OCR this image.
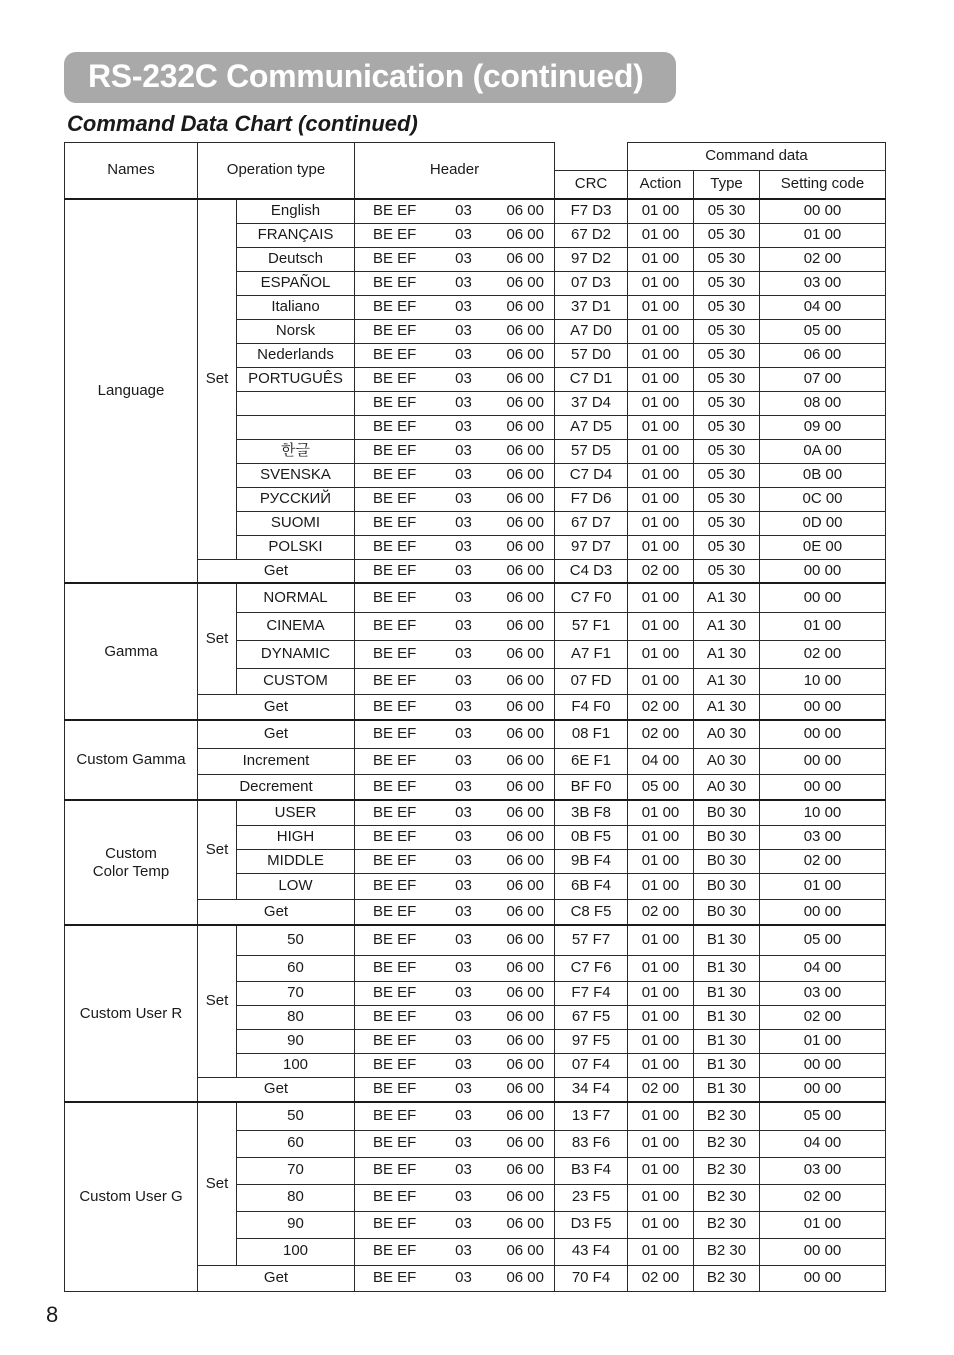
RS-232C Communication (continued)
Command Data Chart (continued)
Names	Operation type		Header		Command data		
				CRC	Action	Type	Setting code
Language	Set	English	BE EF 03 06 00	F7 D3	01 00	05 30	00 00
		FRANÇAIS	BE EF 03 06 00	67 D2	01 00	05 30	01 00
		Deutsch	BE EF 03 06 00	97 D2	01 00	05 30	02 00
		ESPAÑOL	BE EF 03 06 00	07 D3	01 00	05 30	03 00
		Italiano	BE EF 03 06 00	37 D1	01 00	05 30	04 00
		Norsk	BE EF 03 06 00	A7 D0	01 00	05 30	05 00
		Nederlands	BE EF 03 06 00	57 D0	01 00	05 30	06 00
		PORTUGUÊS	BE EF 03 06 00	C7 D1	01 00	05 30	07 00

			BE EF 03 06 00	37 D4	01 00	05 30	08 00

			BE EF 03 06 00	A7 D5	01 00	05 30	09 00
		한글	BE EF 03 06 00	57 D5	01 00	05 30	0A 00
		SVENSKA	BE EF 03 06 00	C7 D4	01 00	05 30	0B 00
		РУССКИЙ	BE EF 03 06 00	F7 D6	01 00	05 30	0C 00
		SUOMI	BE EF 03 06 00	67 D7	01 00	05 30	0D 00
		POLSKI	BE EF 03 06 00	97 D7	01 00	05 30	0E 00
	Get		BE EF 03 06 00	C4 D3	02 00	05 30	00 00
Gamma	Set	NORMAL	BE EF 03 06 00	C7 F0	01 00	A1 30	00 00
		CINEMA	BE EF 03 06 00	57 F1	01 00	A1 30	01 00
		DYNAMIC	BE EF 03 06 00	A7 F1	01 00	A1 30	02 00
		CUSTOM	BE EF 03 06 00	07 FD	01 00	A1 30	10 00
	Get		BE EF 03 06 00	F4 F0	02 00	A1 30	00 00
Custom Gamma	Get		BE EF 03 06 00	08 F1	02 00	A0 30	00 00
	Increment		BE EF 03 06 00	6E F1	04 00	A0 30	00 00
	Decrement		BE EF 03 06 00	BF F0	05 00	A0 30	00 00
Custom
Color Temp	Set	USER	BE EF 03 06 00	3B F8	01 00	B0 30	10 00
		HIGH	BE EF 03 06 00	0B F5	01 00	B0 30	03 00
		MIDDLE	BE EF 03 06 00	9B F4	01 00	B0 30	02 00
		LOW	BE EF 03 06 00	6B F4	01 00	B0 30	01 00
	Get		BE EF 03 06 00	C8 F5	02 00	B0 30	00 00
Custom User R	Set	50	BE EF 03 06 00	57 F7	01 00	B1 30	05 00
		60	BE EF 03 06 00	C7 F6	01 00	B1 30	04 00
		70	BE EF 03 06 00	F7 F4	01 00	B1 30	03 00
		80	BE EF 03 06 00	67 F5	01 00	B1 30	02 00
		90	BE EF 03 06 00	97 F5	01 00	B1 30	01 00
		100	BE EF 03 06 00	07 F4	01 00	B1 30	00 00
	Get		BE EF 03 06 00	34 F4	02 00	B1 30	00 00
Custom User G	Set	50	BE EF 03 06 00	13 F7	01 00	B2 30	05 00
		60	BE EF 03 06 00	83 F6	01 00	B2 30	04 00
		70	BE EF 03 06 00	B3 F4	01 00	B2 30	03 00
		80	BE EF 03 06 00	23 F5	01 00	B2 30	02 00
		90	BE EF 03 06 00	D3 F5	01 00	B2 30	01 00
		100	BE EF 03 06 00	43 F4	01 00	B2 30	00 00
	Get		BE EF 03 06 00	70 F4	02 00	B2 30	00 00
8
